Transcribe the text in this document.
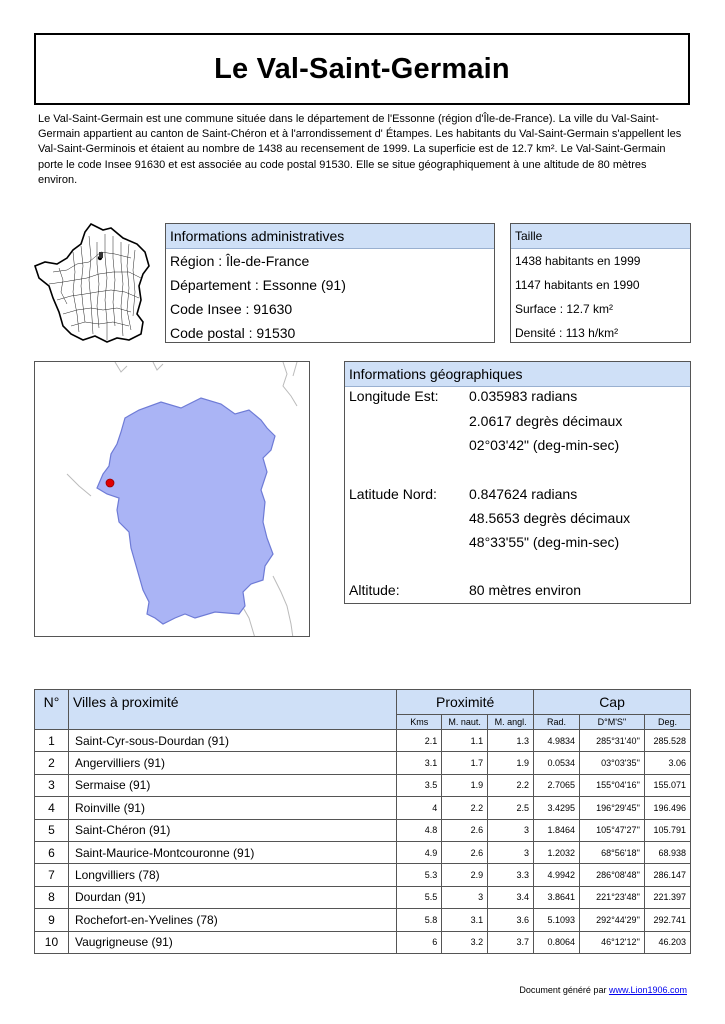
Le Val-Saint-Germain
Le Val-Saint-Germain est une commune située dans le département de l'Essonne (région d'Île-de-France). La ville du Val-Saint-Germain appartient au canton de Saint-Chéron et à l'arrondissement d' Étampes. Les habitants du Val-Saint-Germain s'appellent les Val-Saint-Germinois et étaient au nombre de 1438 au recensement de 1999. La superficie est de 12.7 km². Le Val-Saint-Germain porte le code Insee 91630 et est associée au code postal 91530. Elle se situe géographiquement à une altitude de 80 mètres environ.
Informations administratives
Région : Île-de-France
Département : Essonne (91)
Code Insee : 91630
Code postal : 91530
Taille
1438 habitants en 1999
1147 habitants en 1990
Surface : 12.7 km²
Densité : 113 h/km²
Informations géographiques
Longitude Est: 0.035983 radians
2.0617 degrès décimaux
02°03'42" (deg-min-sec)
Latitude Nord: 0.847624 radians
48.5653 degrès décimaux
48°33'55" (deg-min-sec)
Altitude:	80 mètres environ
N°	Villes à proximité	Proximité			Cap		
		Kms	M. naut.	M. angl.	Rad.	D°M'S''	Deg.
1	Saint-Cyr-sous-Dourdan (91)	2.1	1.1	1.3	4.9834	285°31'40''	285.528
2	Angervilliers (91)	3.1	1.7	1.9	0.0534	03°03'35''	3.06
3	Sermaise (91)	3.5	1.9	2.2	2.7065	155°04'16''	155.071
4	Roinville (91)	4	2.2	2.5	3.4295	196°29'45''	196.496
5	Saint-Chéron (91)	4.8	2.6	3	1.8464	105°47'27''	105.791
6	Saint-Maurice-Montcouronne (91)	4.9	2.6	3	1.2032	68°56'18''	68.938
7	Longvilliers (78)	5.3	2.9	3.3	4.9942	286°08'48''	286.147
8	Dourdan (91)	5.5	3	3.4	3.8641	221°23'48''	221.397
9	Rochefort-en-Yvelines (78)	5.8	3.1	3.6	5.1093	292°44'29''	292.741
10	Vaugrigneuse (91)	6	3.2	3.7	0.8064	46°12'12''	46.203
Document généré par www.Lion1906.com
